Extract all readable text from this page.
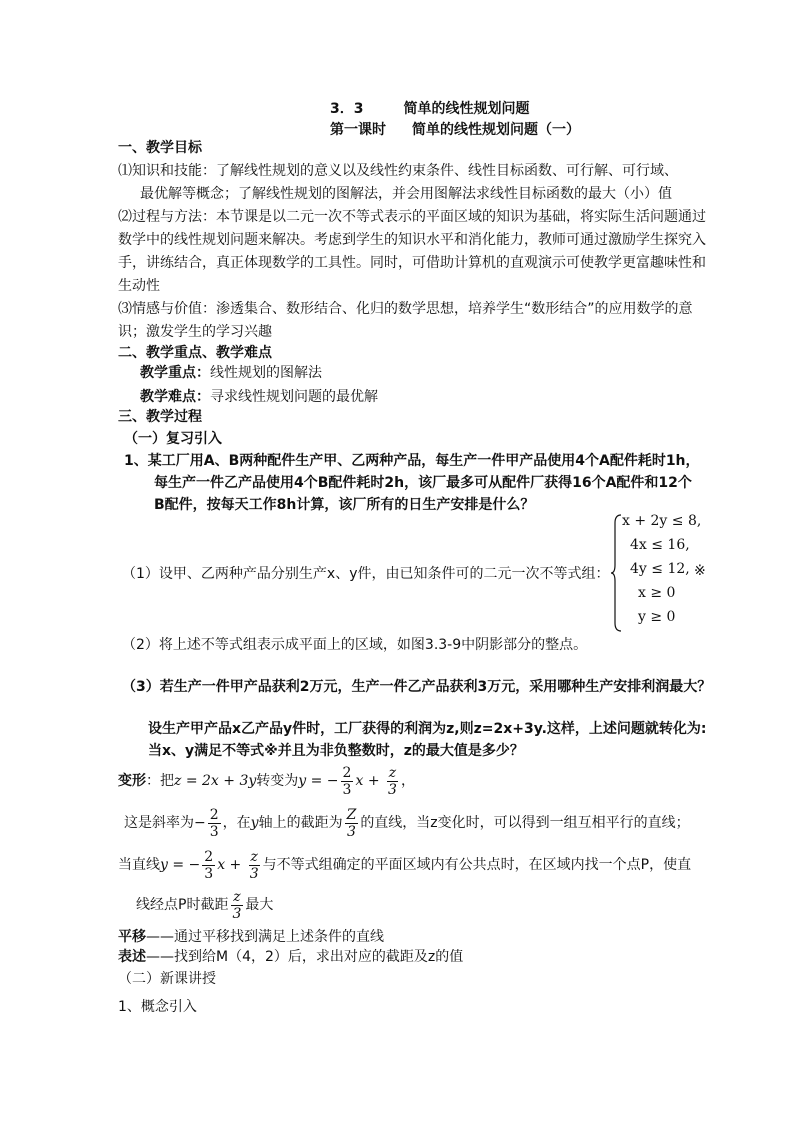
3．3	简单的线性规划问题
第一课时 简单的线性规划问题（一）
一、教学目标
⑴知识和技能：了解线性规划的意义以及线性约束条件、线性目标函数、可行解、可行域、
最优解等概念；了解线性规划的图解法，并会用图解法求线性目标函数的最大（小）值
⑵过程与方法：本节课是以二元一次不等式表示的平面区域的知识为基础，将实际生活问题通过
数学中的线性规划问题来解决。考虑到学生的知识水平和消化能力，教师可通过激励学生探究入
手，讲练结合，真正体现数学的工具性。同时，可借助计算机的直观演示可使教学更富趣味性和
生动性
⑶情感与价值：渗透集合、数形结合、化归的数学思想，培养学生“数形结合”的应用数学的意
识；激发学生的学习兴趣
二、教学重点、教学难点
教学重点：线性规划的图解法
教学难点：寻求线性规划问题的最优解
三、教学过程
（一）复习引入
1、某工厂用A、B两种配件生产甲、乙两种产品，每生产一件甲产品使用4个A配件耗时1h，
每生产一件乙产品使用4个B配件耗时2h，该厂最多可从配件厂获得16个A配件和12个
B配件，按每天工作8h计算，该厂所有的日生产安排是什么？
（1）设甲、乙两种产品分别生产x、y件，由已知条件可的二元一次不等式组：
x + 2y ≤ 8,
4x ≤ 16,
4y ≤ 12,
x ≥ 0
y ≥ 0
※
（2）将上述不等式组表示成平面上的区域，如图3.3-9中阴影部分的整点。
（3）若生产一件甲产品获利2万元，生产一件乙产品获利3万元，采用哪种生产安排利润最大？
设生产甲产品x乙产品y件时，工厂获得的利润为z,则z=2x+3y.这样，上述问题就转化为:
当x、y满足不等式※并且为非负整数时，z的最大值是多少？
变形：把z = 2x + 3y转变为y = − $\frac{2}{3}$ $x + \frac{z}{3}$ ，
这是斜率为− $\frac{2}{3}$ ，在y轴上的截距为 $\frac{Z}{3}$ 的直线，当z变化时，可以得到一组互相平行的直线；
当直线y = − $\frac{2}{3}$ $x + \frac{z}{3}$ 与不等式组确定的平面区域内有公共点时，在区域内找一个点P，使直
线经点P时截距 $\frac{z}{3}$ 最大
平移——通过平移找到满足上述条件的直线
表述——找到给M（4，2）后，求出对应的截距及z的值
（二）新课讲授
1、概念引入
